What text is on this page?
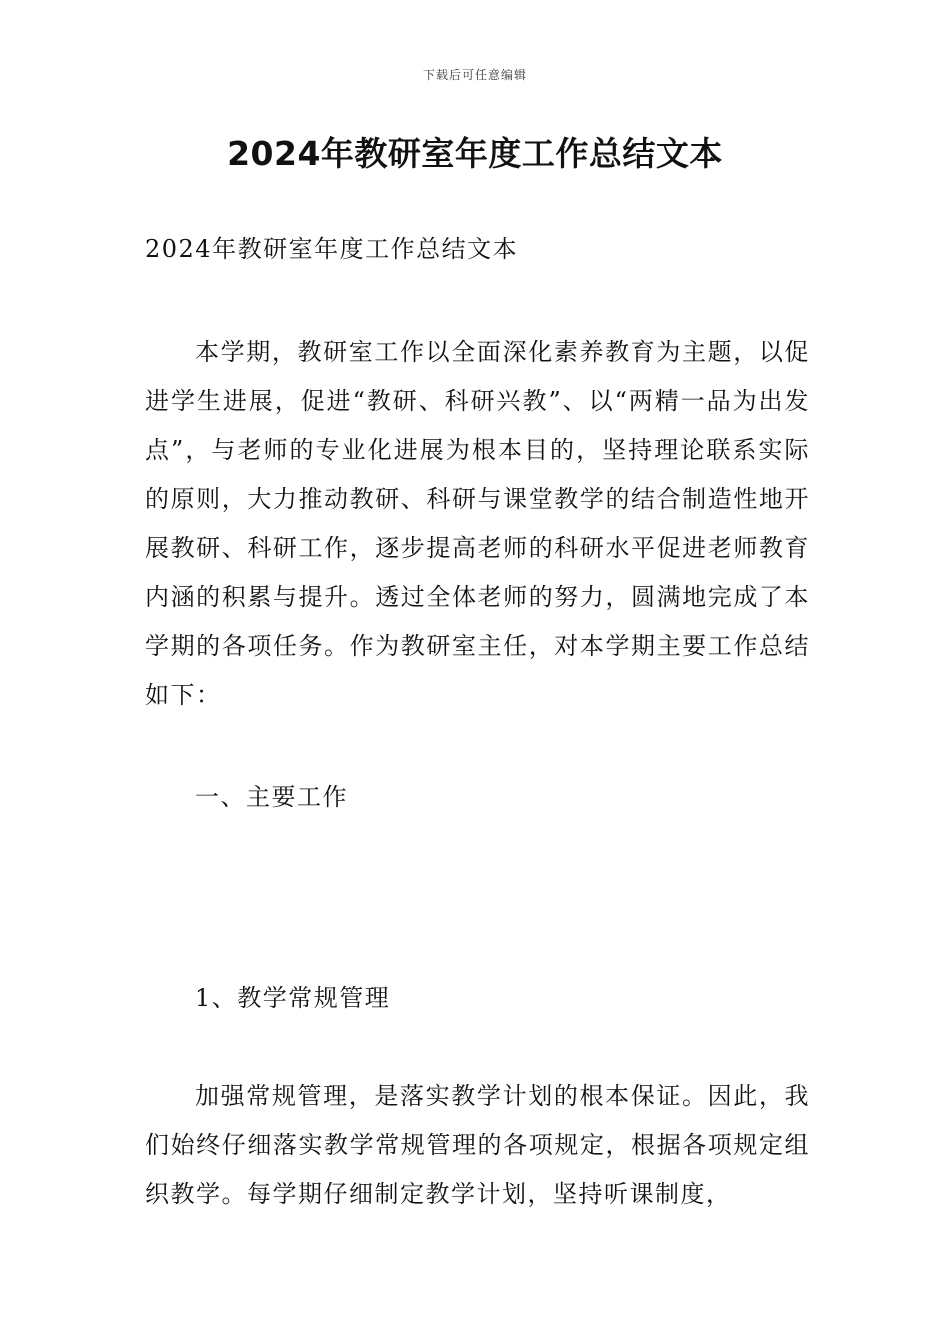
下载后可任意编辑
2024年教研室年度工作总结文本
2024年教研室年度工作总结文本

本学期，教研室工作以全面深化素养教育为主题，以促进学生进展，促进“教研、科研兴教”、以“两精一品为出发点”，与老师的专业化进展为根本目的，坚持理论联系实际的原则，大力推动教研、科研与课堂教学的结合制造性地开展教研、科研工作，逐步提高老师的科研水平促进老师教育内涵的积累与提升。透过全体老师的努力，圆满地完成了本学期的各项任务。作为教研室主任，对本学期主要工作总结如下：

一、主要工作
1、教学常规管理

加强常规管理，是落实教学计划的根本保证。因此，我们始终仔细落实教学常规管理的各项规定，根据各项规定组织教学。每学期仔细制定教学计划，坚持听课制度，
